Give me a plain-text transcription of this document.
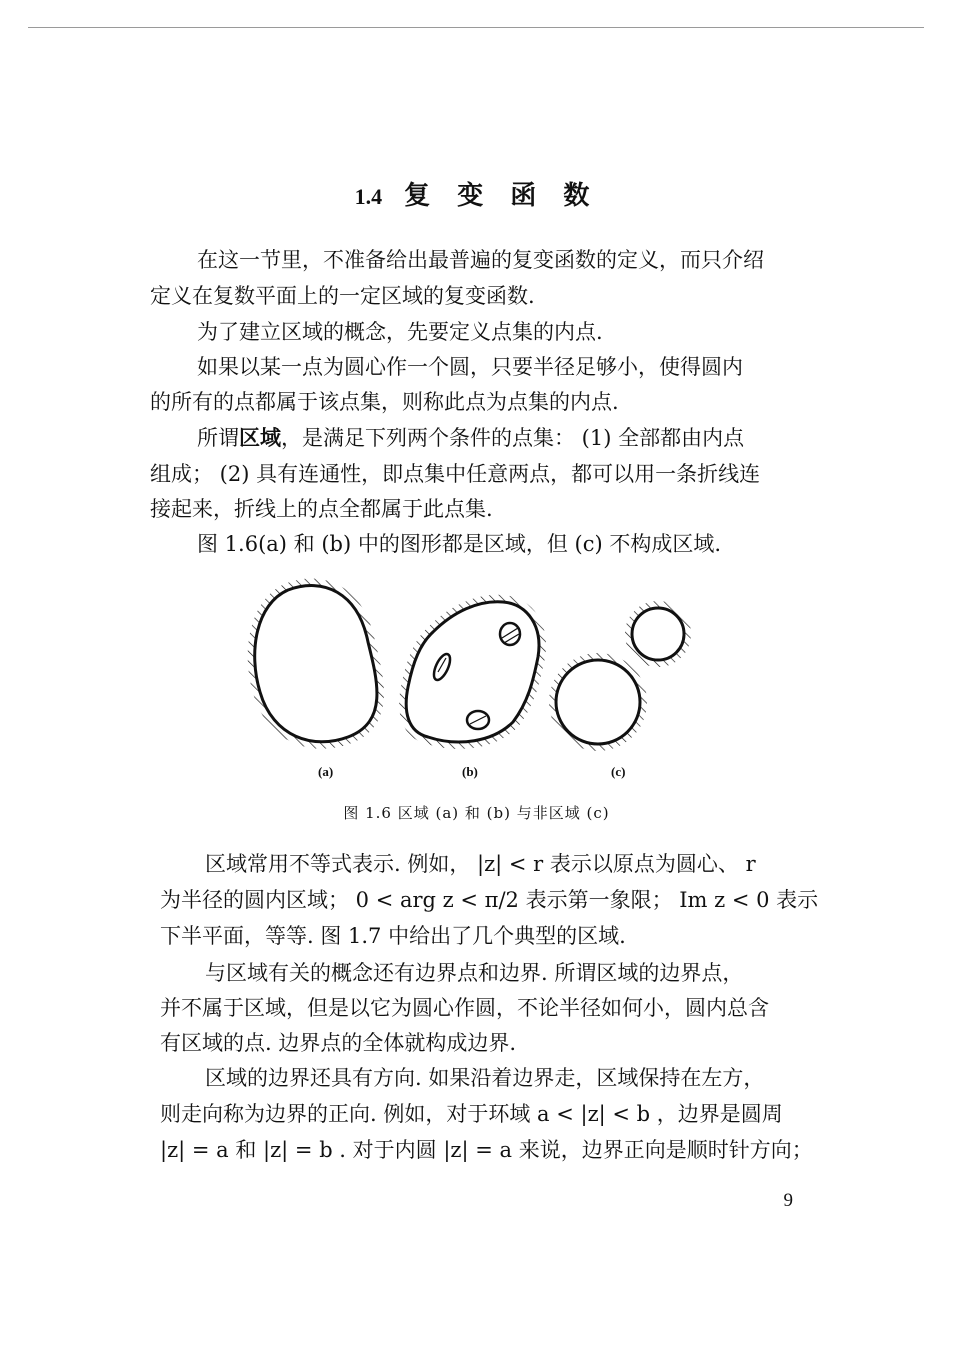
1.4 复 变 函 数
在这一节里，不准备给出最普遍的复变函数的定义，而只介绍
定义在复数平面上的一定区域的复变函数.
为了建立区域的概念，先要定义点集的内点.
如果以某一点为圆心作一个圆，只要半径足够小，使得圆内
的所有的点都属于该点集，则称此点为点集的内点.
所谓区域，是满足下列两个条件的点集： (1) 全部都由内点
组成； (2) 具有连通性，即点集中任意两点，都可以用一条折线连
接起来，折线上的点全都属于此点集.
图 1.6(a) 和 (b) 中的图形都是区域，但 (c) 不构成区域.
(a)	(b)	(c)
图 1.6 区域 (a) 和 (b) 与非区域 (c)
区域常用不等式表示. 例如， |z| < r 表示以原点为圆心、 r
为半径的圆内区域； 0 < arg z < π/2 表示第一象限； Im z < 0 表示
下半平面，等等. 图 1.7 中给出了几个典型的区域.
与区域有关的概念还有边界点和边界. 所谓区域的边界点，
并不属于区域，但是以它为圆心作圆，不论半径如何小，圆内总含
有区域的点. 边界点的全体就构成边界.
区域的边界还具有方向. 如果沿着边界走，区域保持在左方，
则走向称为边界的正向. 例如，对于环域 a < |z| < b ，边界是圆周
|z| = a 和 |z| = b . 对于内圆 |z| = a 来说，边界正向是顺时针方向；
9
